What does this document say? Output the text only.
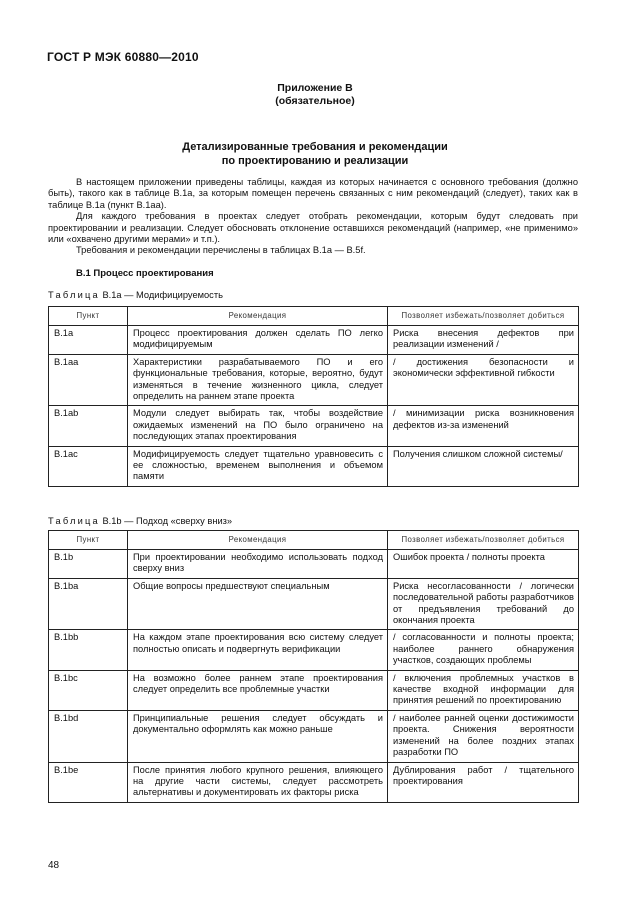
ГОСТ Р МЭК 60880—2010
Приложение В
(обязательное)
Детализированные требования и рекомендации
по проектированию и реализации

В настоящем приложении приведены таблицы, каждая из которых начинается с основного требования (должно быть), такого как в таблице B.1a, за которым помещен перечень связанных с ним рекомендаций (следует), таких как в таблице B.1a (пункт B.1aa).

Для каждого требования в проектах следует отобрать рекомендации, которым будут следовать при проектировании и реализации. Следует обосновать отклонение оставшихся рекомендаций (например, «не применимо» или «охвачено другими мерами» и т.п.).

Требования и рекомендации перечислены в таблицах B.1a — B.5f.

B.1 Процесс проектирования
Таблица B.1a — Модифицируемость
Пункт	Рекомендация	Позволяет избежать/позволяет добиться
B.1a	Процесс проектирования должен сделать ПО легко модифицируемым	Риска внесения дефектов при реализации изменений /
B.1aa	Характеристики разрабатываемого ПО и его функциональные требования, которые, вероятно, будут изменяться в течение жизненного цикла, следует определить на раннем этапе проекта	/ достижения безопасности и экономически эффективной гибкости
B.1ab	Модули следует выбирать так, чтобы воздействие ожидаемых изменений на ПО было ограничено на последующих этапах проектирования	/ минимизации риска возникновения дефектов из-за изменений
B.1ac	Модифицируемость следует тщательно уравновесить с ее сложностью, временем выполнения и объемом памяти	Получения слишком сложной системы/
Таблица B.1b — Подход «сверху вниз»
Пункт	Рекомендация	Позволяет избежать/позволяет добиться
B.1b	При проектировании необходимо использовать подход сверху вниз	Ошибок проекта / полноты проекта
B.1ba	Общие вопросы предшествуют специальным	Риска несогласованности / логически последовательной работы разработчиков от предъявления требований до окончания проекта
B.1bb	На каждом этапе проектирования всю систему следует полностью описать и подвергнуть верификации	/ согласованности и полноты проекта; наиболее раннего обнаружения участков, создающих проблемы
B.1bc	На возможно более раннем этапе проектирования следует определить все проблемные участки	/ включения проблемных участков в качестве входной информации для принятия решений по проектированию
B.1bd	Принципиальные решения следует обсуждать и документально оформлять как можно раньше	/ наиболее ранней оценки достижимости проекта. Снижения вероятности изменений на более поздних этапах разработки ПО
B.1be	После принятия любого крупного решения, влияющего на другие части системы, следует рассмотреть альтернативы и документировать их факторы риска	Дублирования работ / тщательного проектирования
48
